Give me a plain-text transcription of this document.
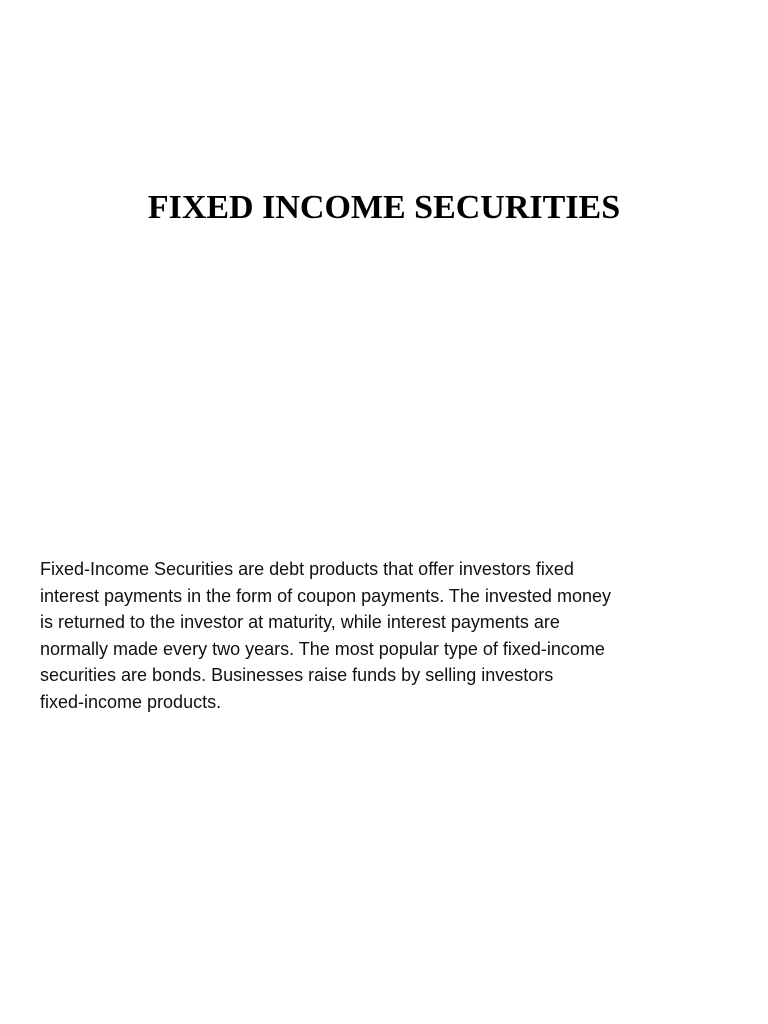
FIXED INCOME SECURITIES

Fixed-Income Securities are debt products that offer investors fixed
interest payments in the form of coupon payments. The invested money
is returned to the investor at maturity, while interest payments are
normally made every two years. The most popular type of fixed-income
securities are bonds. Businesses raise funds by selling investors
fixed-income products.
